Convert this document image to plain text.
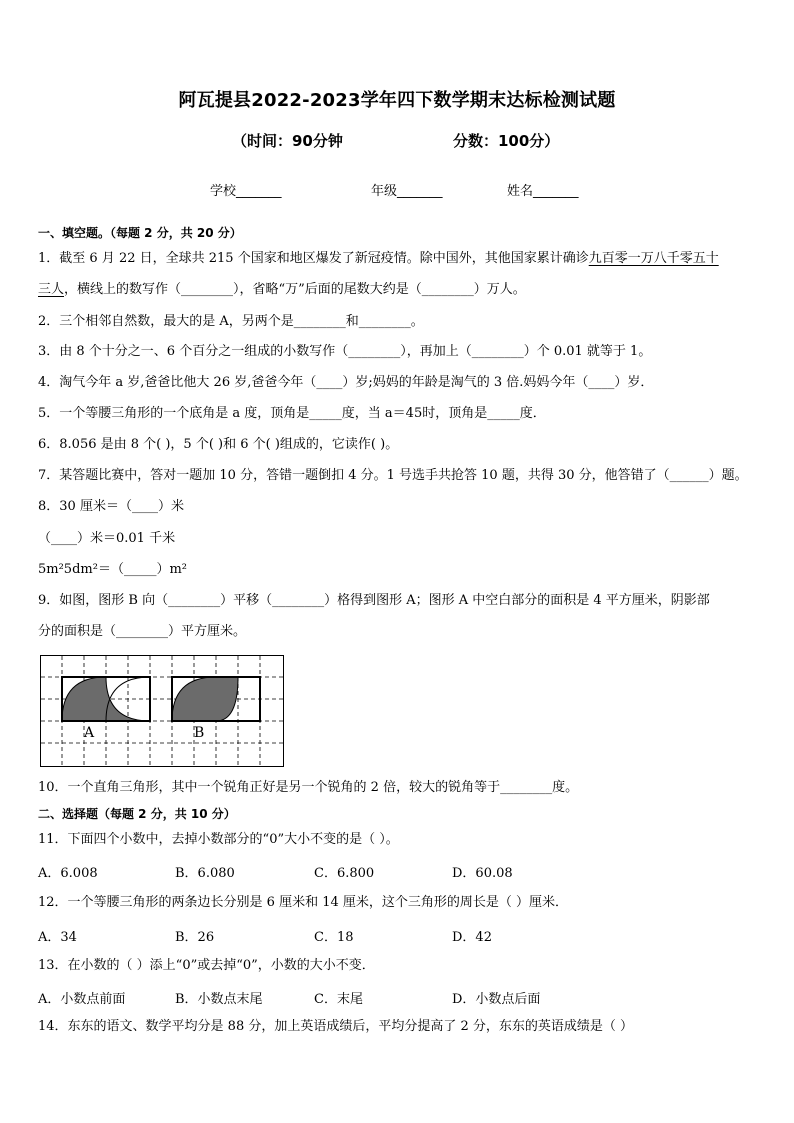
阿瓦提县2022-2023学年四下数学期末达标检测试题
（时间：90分钟	分数：100分）
学校_______	年级_______	姓名_______
一、填空题。（每题 2 分，共 20 分）
1．截至 6 月 22 日，全球共 215 个国家和地区爆发了新冠疫情。除中国外，其他国家累计确诊九百零一万八千零五十
三人，横线上的数写作（________），省略“万”后面的尾数大约是（________）万人。
2．三个相邻自然数，最大的是 A，另两个是________和________。
3．由 8 个十分之一、6 个百分之一组成的小数写作（________），再加上（________）个 0.01 就等于 1。
4．淘气今年 a 岁,爸爸比他大 26 岁,爸爸今年（____）岁;妈妈的年龄是淘气的 3 倍.妈妈今年（____）岁．
5．一个等腰三角形的一个底角是 a 度，顶角是_____度，当 a＝45时，顶角是_____度．
6．8.056 是由 8 个( )，5 个( )和 6 个( )组成的，它读作( )。
7．某答题比赛中，答对一题加 10 分，答错一题倒扣 4 分。1 号选手共抢答 10 题，共得 30 分，他答错了（______）题。
8．30 厘米＝（____）米
（____）米＝0.01 千米
5m²5dm²＝（_____）m²
9．如图，图形 B 向（________）平移（________）格得到图形 A；图形 A 中空白部分的面积是 4 平方厘米，阴影部
分的面积是（________）平方厘米。
A	B
10．一个直角三角形，其中一个锐角正好是另一个锐角的 2 倍，较大的锐角等于________度。
二、选择题（每题 2 分，共 10 分）
11．下面四个小数中，去掉小数部分的“0”大小不变的是（ ）。
A．6.008	B．6.080	C．6.800	D．60.08
12．一个等腰三角形的两条边长分别是 6 厘米和 14 厘米，这个三角形的周长是（ ）厘米．
A．34	B．26	C．18	D．42
13．在小数的（ ）添上“0”或去掉“0”，小数的大小不变．
A．小数点前面	B．小数点末尾	C．末尾	D．小数点后面
14．东东的语文、数学平均分是 88 分，加上英语成绩后，平均分提高了 2 分，东东的英语成绩是（ ）
